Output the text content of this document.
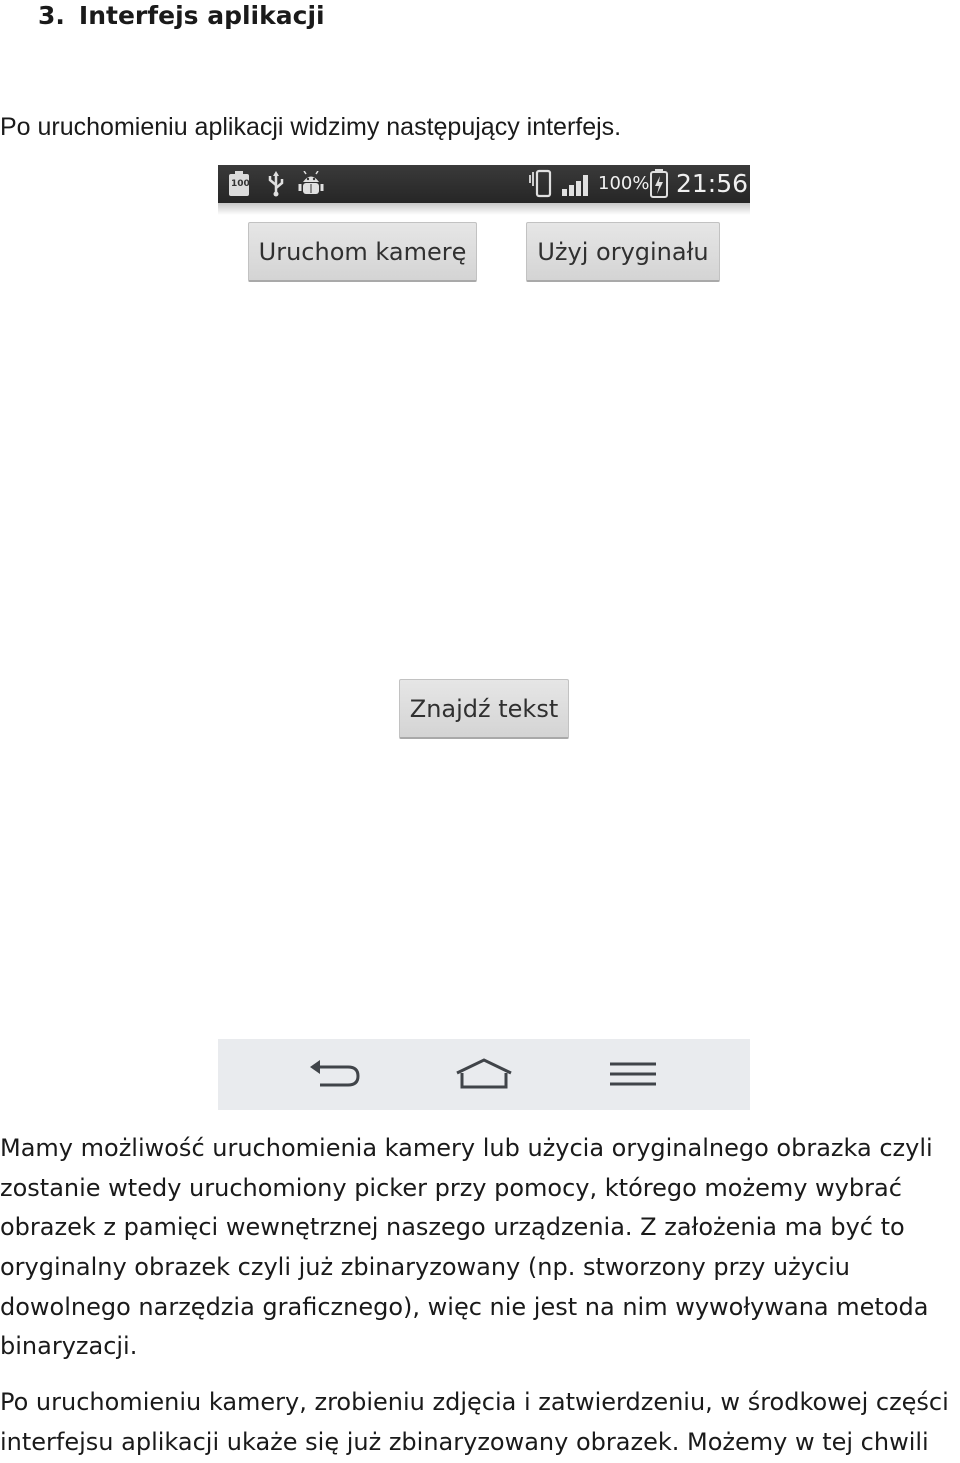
3. Interfejs aplikacji
Po uruchomieniu aplikacji widzimy następujący interfejs.
100	100% 21:56
Uruchom kamerę	Użyj oryginału
Znajdź tekst
Mamy możliwość uruchomienia kamery lub użycia oryginalnego obrazka czyli
zostanie wtedy uruchomiony picker przy pomocy, którego możemy wybrać
obrazek z pamięci wewnętrznej naszego urządzenia. Z założenia ma być to
oryginalny obrazek czyli już zbinaryzowany (np. stworzony przy użyciu
dowolnego narzędzia graficznego), więc nie jest na nim wywoływana metoda
binaryzacji.
Po uruchomieniu kamery, zrobieniu zdjęcia i zatwierdzeniu, w środkowej części
interfejsu aplikacji ukaże się już zbinaryzowany obrazek. Możemy w tej chwili
